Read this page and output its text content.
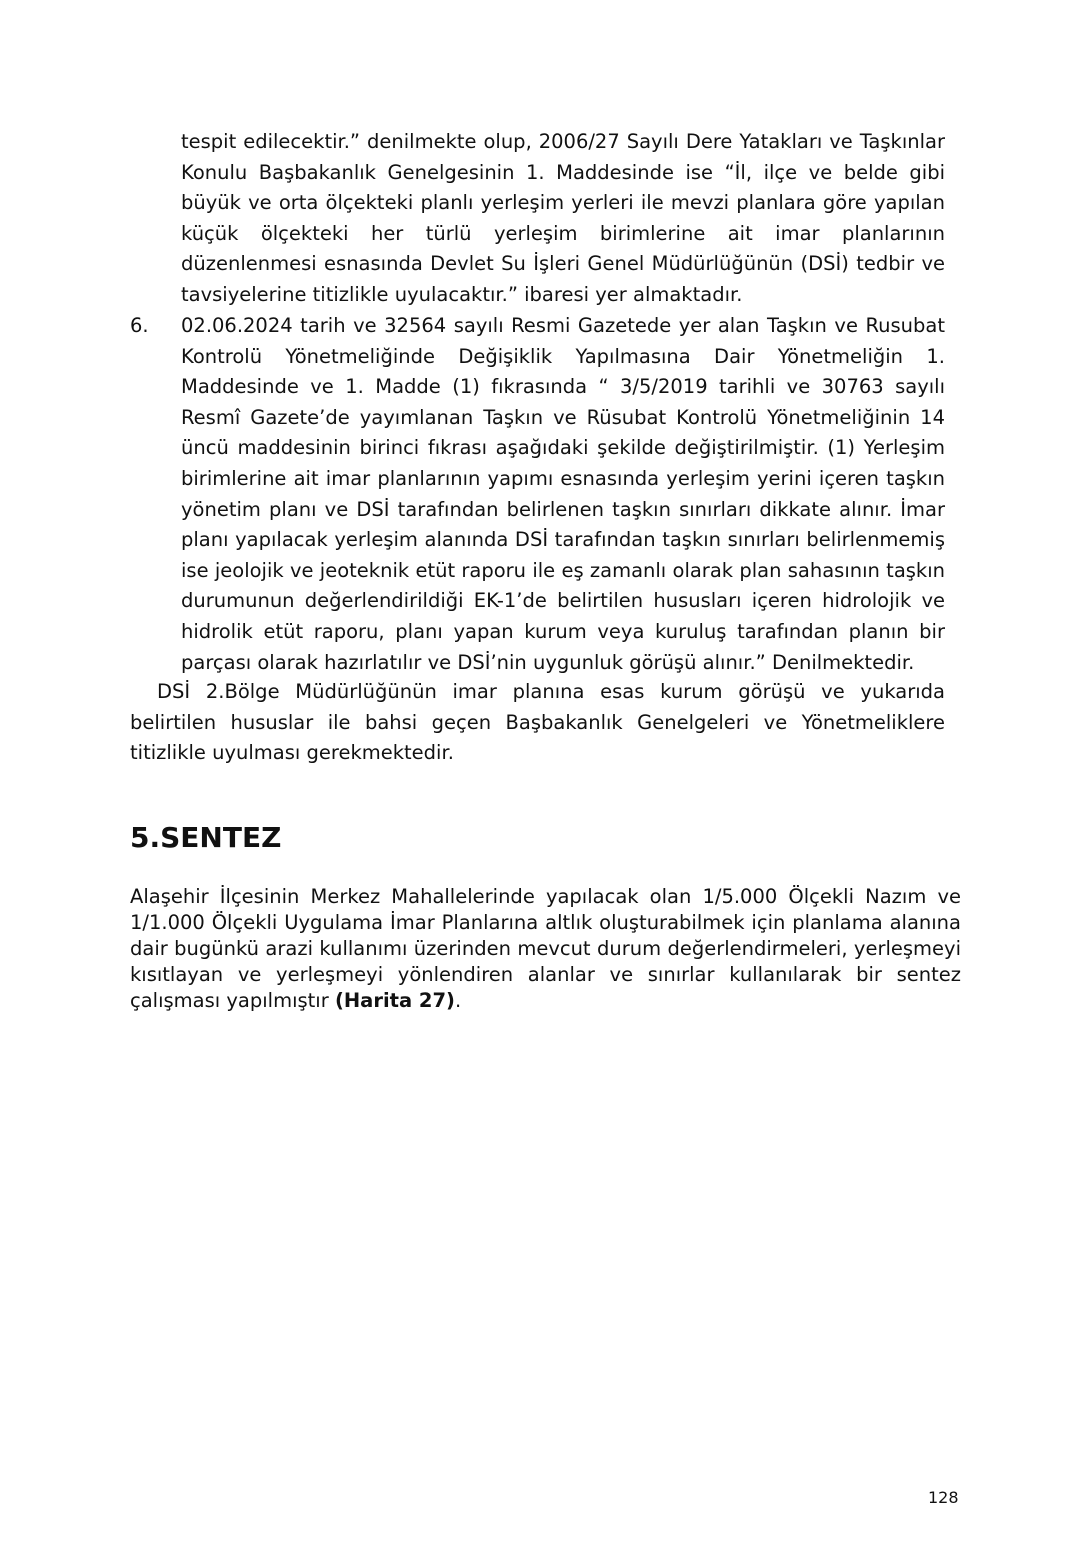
tespit edilecektir.” denilmekte olup, 2006/27 Sayılı Dere Yatakları ve Taşkınlar Konulu Başbakanlık Genelgesinin 1. Maddesinde ise “İl, ilçe ve belde gibi büyük ve orta ölçekteki planlı yerleşim yerleri ile mevzi planlara göre yapılan küçük ölçekteki her türlü yerleşim birimlerine ait imar planlarının düzenlenmesi esnasında Devlet Su İşleri Genel Müdürlüğünün (DSİ) tedbir ve tavsiyelerine titizlikle uyulacaktır.” ibaresi yer almaktadır.

6. 02.06.2024 tarih ve 32564 sayılı Resmi Gazetede yer alan Taşkın ve Rusubat Kontrolü Yönetmeliğinde Değişiklik Yapılmasına Dair Yönetmeliğin 1. Maddesinde ve 1. Madde (1) fıkrasında “ 3/5/2019 tarihli ve 30763 sayılı Resmî Gazete’de yayımlanan Taşkın ve Rüsubat Kontrolü Yönetmeliğinin 14 üncü maddesinin birinci fıkrası aşağıdaki şekilde değiştirilmiştir. (1) Yerleşim birimlerine ait imar planlarının yapımı esnasında yerleşim yerini içeren taşkın yönetim planı ve DSİ tarafından belirlenen taşkın sınırları dikkate alınır. İmar planı yapılacak yerleşim alanında DSİ tarafından taşkın sınırları belirlenmemiş ise jeolojik ve jeoteknik etüt raporu ile eş zamanlı olarak plan sahasının taşkın durumunun değerlendirildiği EK-1’de belirtilen hususları içeren hidrolojik ve hidrolik etüt raporu, planı yapan kurum veya kuruluş tarafından planın bir parçası olarak hazırlatılır ve DSİ’nin uygunluk görüşü alınır.” Denilmektedir.

DSİ 2.Bölge Müdürlüğünün imar planına esas kurum görüşü ve yukarıda belirtilen hususlar ile bahsi geçen Başbakanlık Genelgeleri ve Yönetmeliklere titizlikle uyulması gerekmektedir.

5.SENTEZ

Alaşehir İlçesinin Merkez Mahallelerinde yapılacak olan 1/5.000 Ölçekli Nazım ve 1/1.000 Ölçekli Uygulama İmar Planlarına altlık oluşturabilmek için planlama alanına dair bugünkü arazi kullanımı üzerinden mevcut durum değerlendirmeleri, yerleşmeyi kısıtlayan ve yerleşmeyi yönlendiren alanlar ve sınırlar kullanılarak bir sentez çalışması yapılmıştır (Harita 27).

128
